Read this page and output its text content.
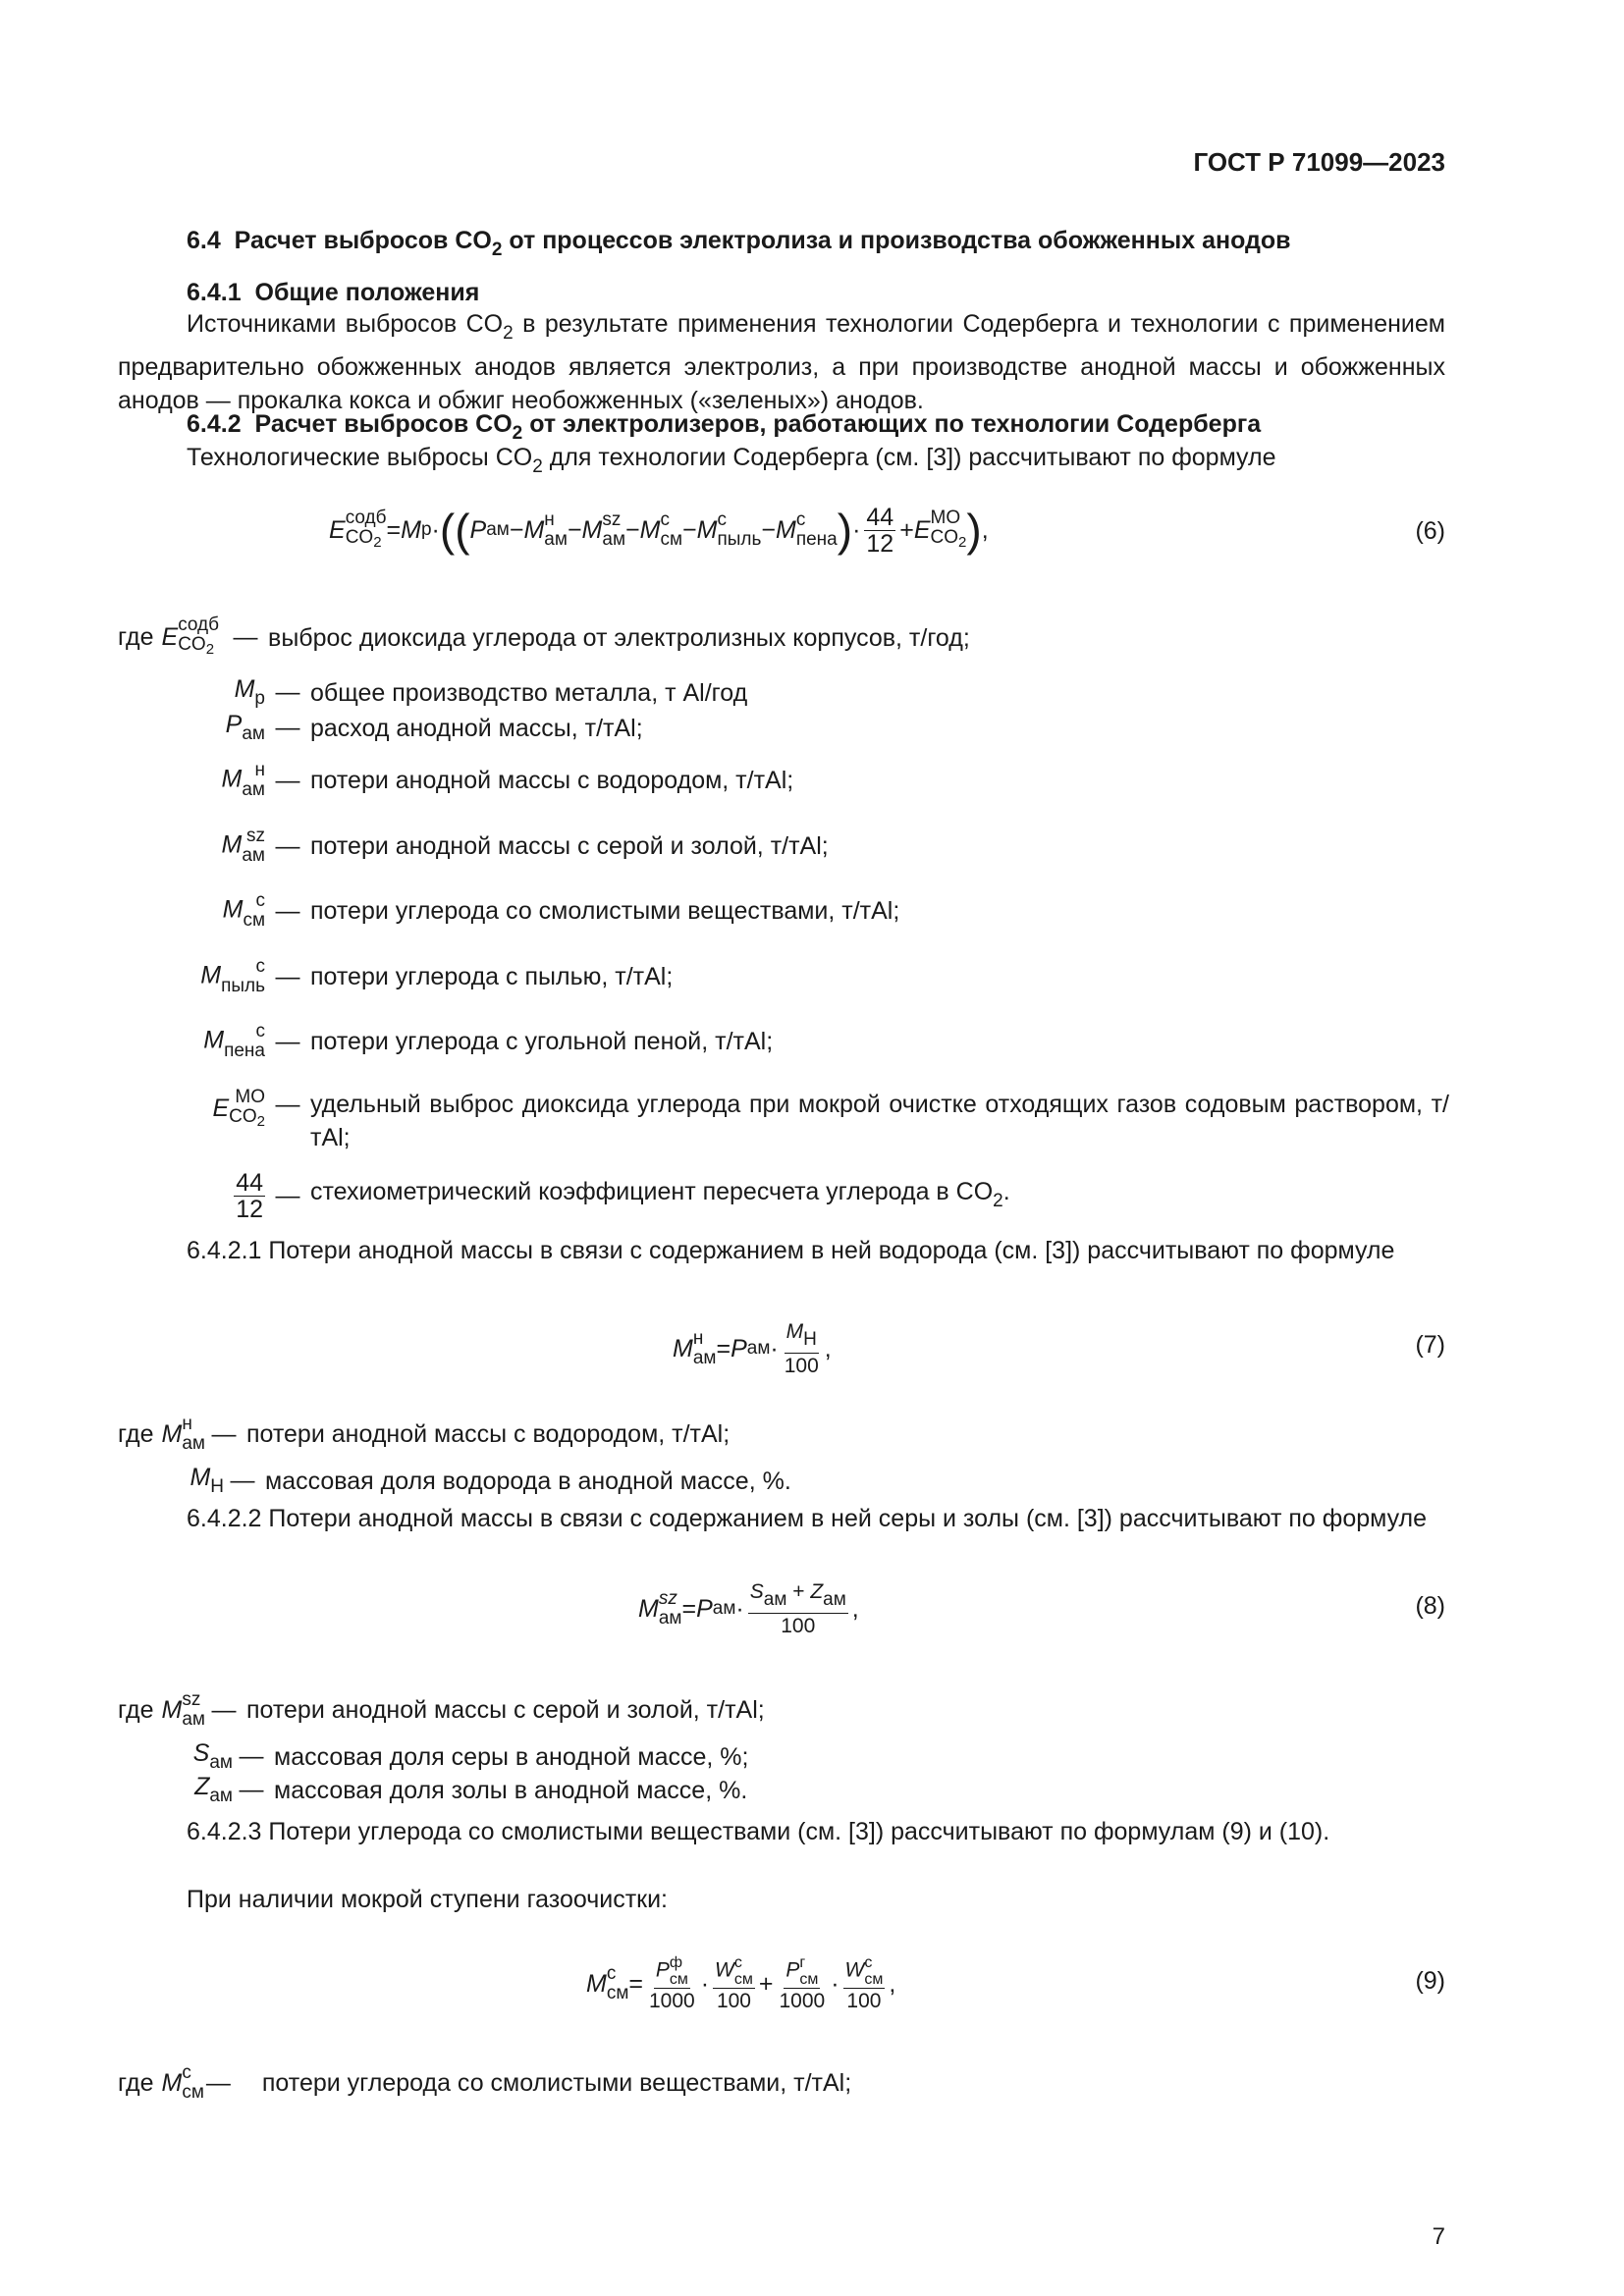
ГОСТ Р 71099—2023
6.4 Расчет выбросов $CO_2$ от процессов электролиза и производства обожженных анодов
6.4.1 Общие положения
Источниками выбросов $CO_2$ в результате применения технологии Содерберга и технологии с применением предварительно обожженных анодов является электролиз, а при производстве анодной массы и обожженных анодов — прокалка кокса и обжиг необожженных («зеленых») анодов.
6.4.2 Расчет выбросов $CO_2$ от электролизеров, работающих по технологии Содерберга
Технологические выбросы $CO_2$ для технологии Содерберга (см. [3]) рассчитывают по формуле
E содб
$CO_2 = M$ р · ( ( P ам − M н
ам − M sz
ам − M с
см − M с
пыль − M с
пена ) · $\frac{44}{12} + E$ МО
$CO_2$ ) ,	(6)
где E содб
$CO_2$ — выброс диоксида углерода от электролизных корпусов, т/год;
$M_р$ — общее производство металла, т Al/год
$P_{ам}$ — расход анодной массы, т/тAl;
M н
ам — потери анодной массы с водородом, т/тAl;
M sz
ам — потери анодной массы с серой и золой, т/тAl;
M с
см — потери углерода со смолистыми веществами, т/тAl;
M	с
пыль — потери углерода с пылью, т/тAl;
M	с
пена — потери углерода с угольной пеной, т/тAl;
E МО
$CO_2$
— удельный выброс диоксида углерода при мокрой очистке отходящих газов содовым раствором, т/тAl;
$\frac{44}{12}$ — стехиометрический коэффициент пересчета углерода в $CO_2$.
6.4.2.1 Потери анодной массы в связи с содержанием в ней водорода (см. [3]) рассчитывают по формуле
M н
ам = P ам · $\frac{MН}{100}$ ,	(7)
где M н
ам — потери анодной массы с водородом, т/тAl;
$M_Н$ — массовая доля водорода в анодной массе, %.
6.4.2.2 Потери анодной массы в связи с содержанием в ней серы и золы (см. [3]) рассчитывают по формуле
M sz
ам = P ам · $\frac{\text{Sам + Zам}}{100}$ ,	(8)
где M sz
ам — потери анодной массы с серой и золой, т/тAl;
$S_{ам}$ — массовая доля серы в анодной массе, %;
$Z_{ам}$ — массовая доля золы в анодной массе, %.
6.4.2.3 Потери углерода со смолистыми веществами (см. [3]) рассчитывают по формулам (9) и (10).
При наличии мокрой ступени газоочистки:
M с
см = P ф
см
1000 · W с
см
100 + P г
см
1000 · W с
см
100 ,	(9)
где M с
см — потери углерода со смолистыми веществами, т/тAl;
7
